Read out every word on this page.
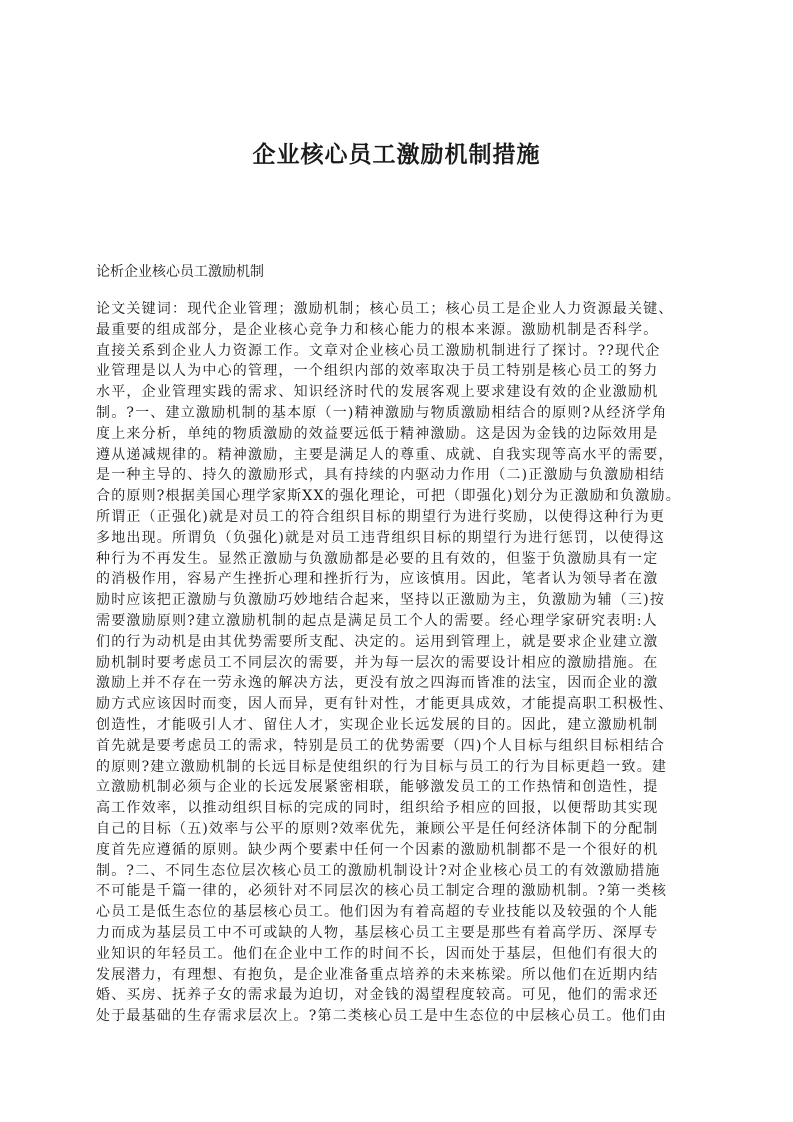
企业核心员工激励机制措施
论析企业核心员工激励机制
论文关键词：现代企业管理；激励机制；核心员工；核心员工是企业人力资源最关键、
最重要的组成部分，是企业核心竞争力和核心能力的根本来源。激励机制是否科学。
直接关系到企业人力资源工作。文章对企业核心员工激励机制进行了探讨。??现代企
业管理是以人为中心的管理，一个组织内部的效率取决于员工特别是核心员工的努力
水平，企业管理实践的需求、知识经济时代的发展客观上要求建设有效的企业激励机
制。?一、建立激励机制的基本原（一)精神激励与物质激励相结合的原则?从经济学角
度上来分析，单纯的物质激励的效益要远低于精神激励。这是因为金钱的边际效用是
遵从递减规律的。精神激励，主要是满足人的尊重、成就、自我实现等高水平的需要，
是一种主导的、持久的激励形式，具有持续的内驱动力作用（二)正激励与负激励相结
合的原则?根据美国心理学家斯XX的强化理论，可把（即强化)划分为正激励和负激励。
所谓正（正强化)就是对员工的符合组织目标的期望行为进行奖励，以使得这种行为更
多地出现。所谓负（负强化)就是对员工违背组织目标的期望行为进行惩罚，以使得这
种行为不再发生。显然正激励与负激励都是必要的且有效的，但鉴于负激励具有一定
的消极作用，容易产生挫折心理和挫折行为，应该慎用。因此，笔者认为领导者在激
励时应该把正激励与负激励巧妙地结合起来，坚持以正激励为主，负激励为辅（三)按
需要激励原则?建立激励机制的起点是满足员工个人的需要。经心理学家研究表明:人
们的行为动机是由其优势需要所支配、决定的。运用到管理上，就是要求企业建立激
励机制时要考虑员工不同层次的需要，并为每一层次的需要设计相应的激励措施。在
激励上并不存在一劳永逸的解决方法，更没有放之四海而皆准的法宝，因而企业的激
励方式应该因时而变，因人而异，更有针对性，才能更具成效，才能提高职工积极性、
创造性，才能吸引人才、留住人才，实现企业长远发展的目的。因此，建立激励机制
首先就是要考虑员工的需求，特别是员工的优势需要（四)个人目标与组织目标相结合
的原则?建立激励机制的长远目标是使组织的行为目标与员工的行为目标更趋一致。建
立激励机制必须与企业的长远发展紧密相联，能够激发员工的工作热情和创造性，提
高工作效率，以推动组织目标的完成的同时，组织给予相应的回报，以便帮助其实现
自己的目标（五)效率与公平的原则?效率优先，兼顾公平是任何经济体制下的分配制
度首先应遵循的原则。缺少两个要素中任何一个因素的激励机制都不是一个很好的机
制。?二、不同生态位层次核心员工的激励机制设计?对企业核心员工的有效激励措施
不可能是千篇一律的，必须针对不同层次的核心员工制定合理的激励机制。?第一类核
心员工是低生态位的基层核心员工。他们因为有着高超的专业技能以及较强的个人能
力而成为基层员工中不可或缺的人物，基层核心员工主要是那些有着高学历、深厚专
业知识的年轻员工。他们在企业中工作的时间不长，因而处于基层，但他们有很大的
发展潜力，有理想、有抱负，是企业准备重点培养的未来栋梁。所以他们在近期内结
婚、买房、抚养子女的需求最为迫切，对金钱的渴望程度较高。可见，他们的需求还
处于最基础的生存需求层次上。?第二类核心员工是中生态位的中层核心员工。他们由
